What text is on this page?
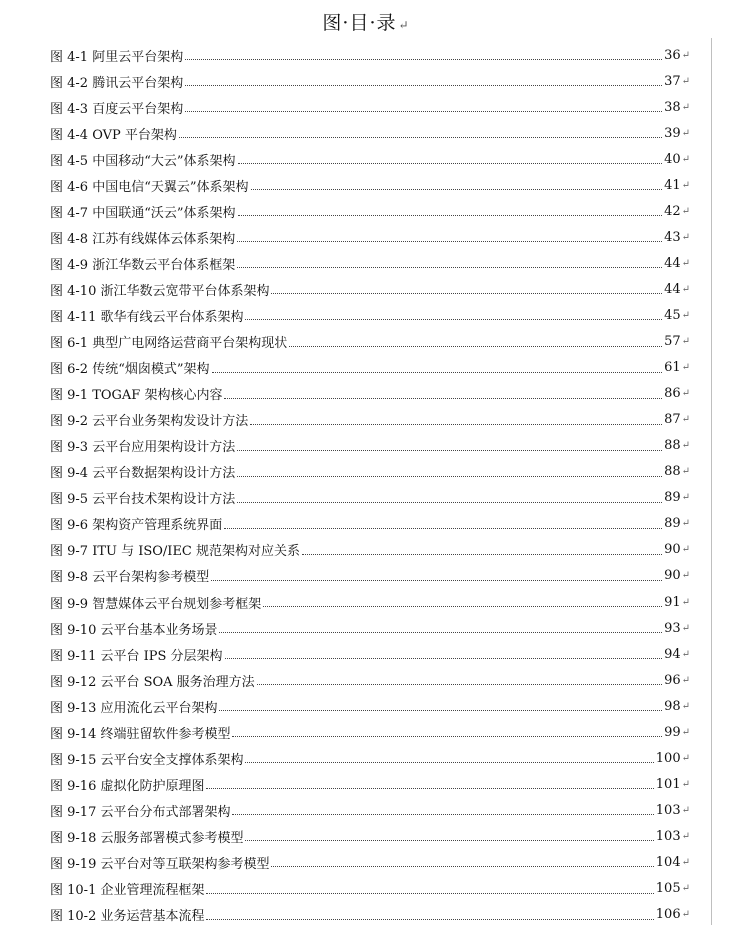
图·目·录 ↵
图 4-1 阿里云平台架构	36 ↵
图 4-2 腾讯云平台架构	37 ↵
图 4-3 百度云平台架构	38 ↵
图 4-4 OVP 平台架构	39 ↵
图 4-5 中国移动“大云”体系架构	40 ↵
图 4-6 中国电信“天翼云”体系架构	41 ↵
图 4-7 中国联通“沃云”体系架构	42 ↵
图 4-8 江苏有线媒体云体系架构	43 ↵
图 4-9 浙江华数云平台体系框架	44 ↵
图 4-10 浙江华数云宽带平台体系架构	44 ↵
图 4-11 歌华有线云平台体系架构	45 ↵
图 6-1 典型广电网络运营商平台架构现状	57 ↵
图 6-2 传统“烟囱模式”架构	61 ↵
图 9-1 TOGAF 架构核心内容	86 ↵
图 9-2 云平台业务架构发设计方法	87 ↵
图 9-3 云平台应用架构设计方法	88 ↵
图 9-4 云平台数据架构设计方法	88 ↵
图 9-5 云平台技术架构设计方法	89 ↵
图 9-6 架构资产管理系统界面	89 ↵
图 9-7 ITU 与 ISO/IEC 规范架构对应关系	90 ↵
图 9-8 云平台架构参考模型	90 ↵
图 9-9 智慧媒体云平台规划参考框架	91 ↵
图 9-10 云平台基本业务场景	93 ↵
图 9-11 云平台 IPS 分层架构	94 ↵
图 9-12 云平台 SOA 服务治理方法	96 ↵
图 9-13 应用流化云平台架构	98 ↵
图 9-14 终端驻留软件参考模型	99 ↵
图 9-15 云平台安全支撑体系架构	100 ↵
图 9-16 虚拟化防护原理图	101 ↵
图 9-17 云平台分布式部署架构	103 ↵
图 9-18 云服务部署模式参考模型	103 ↵
图 9-19 云平台对等互联架构参考模型	104 ↵
图 10-1 企业管理流程框架	105 ↵
图 10-2 业务运营基本流程	106 ↵
